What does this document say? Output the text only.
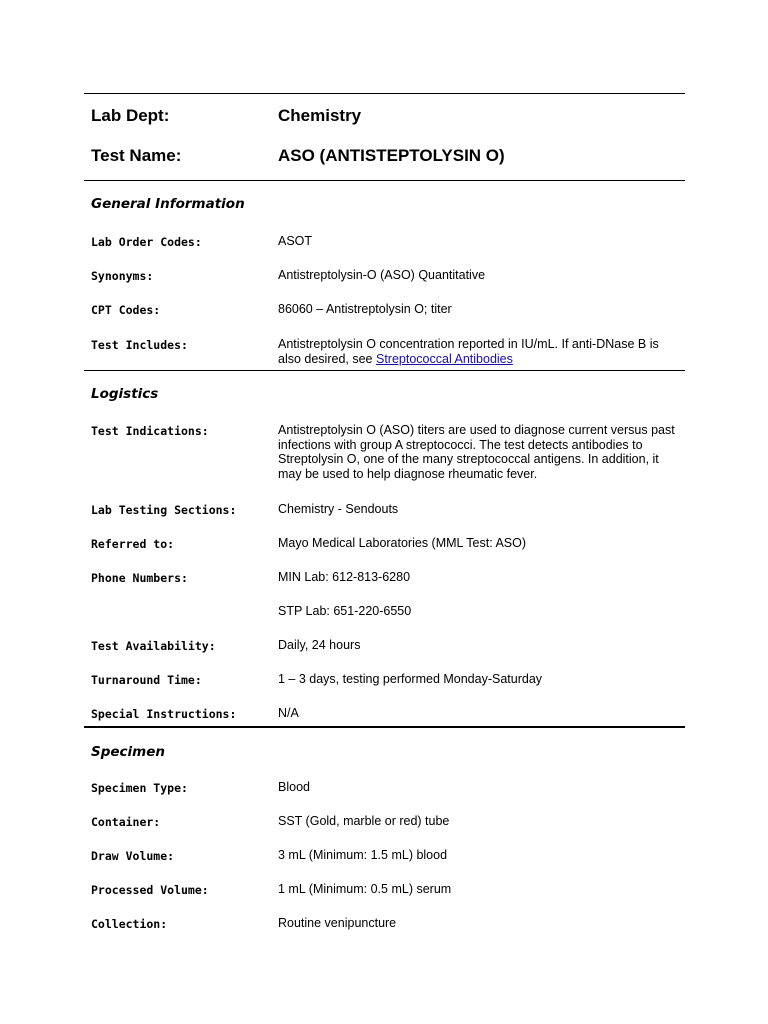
Lab Dept:	Chemistry
Test Name:	ASO (ANTISTEPTOLYSIN O)
General Information
Lab Order Codes:	ASOT
Synonyms:	Antistreptolysin-O (ASO) Quantitative
CPT Codes:	86060 – Antistreptolysin O; titer
Test Includes:	Antistreptolysin O concentration reported in IU/mL. If anti-DNase B is also desired, see Streptococcal Antibodies
Logistics
Test Indications:	Antistreptolysin O (ASO) titers are used to diagnose current versus past infections with group A streptococci. The test detects antibodies to Streptolysin O, one of the many streptococcal antigens. In addition, it may be used to help diagnose rheumatic fever.
Lab Testing Sections:	Chemistry - Sendouts
Referred to:	Mayo Medical Laboratories (MML Test: ASO)
Phone Numbers:	MIN Lab: 612-813-6280
STP Lab: 651-220-6550
Test Availability:	Daily, 24 hours
Turnaround Time:	1 – 3 days, testing performed Monday-Saturday
Special Instructions:	N/A
Specimen
Specimen Type:	Blood
Container:	SST (Gold, marble or red) tube
Draw Volume:	3 mL (Minimum: 1.5 mL) blood
Processed Volume:	1 mL (Minimum: 0.5 mL) serum
Collection:	Routine venipuncture
